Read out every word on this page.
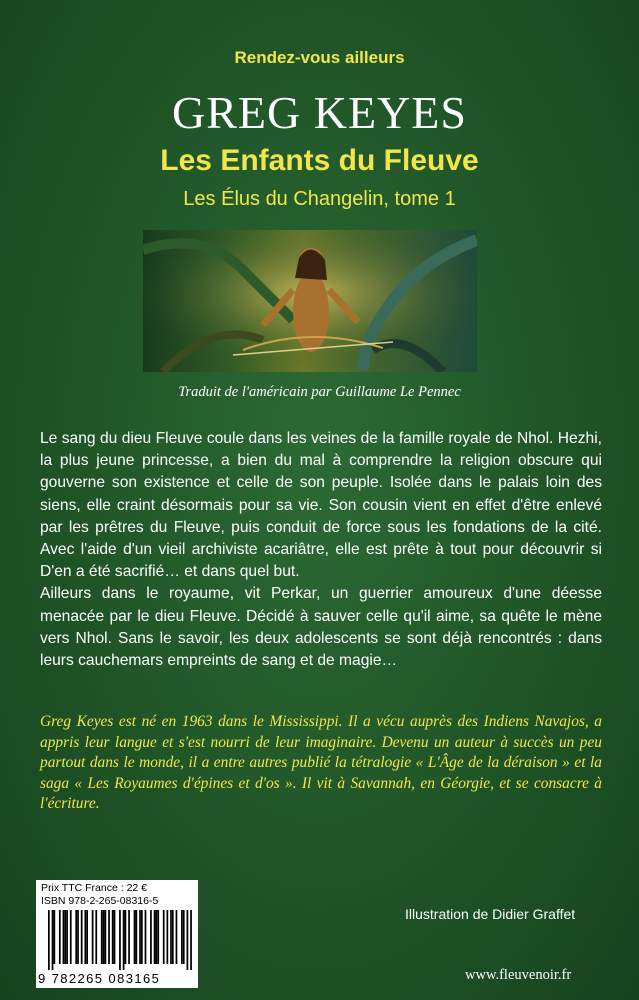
Rendez-vous ailleurs
GREG KEYES
Les Enfants du Fleuve
Les Élus du Changelin, tome 1
Traduit de l'américain par Guillaume Le Pennec

Le sang du dieu Fleuve coule dans les veines de la famille royale de Nhol. Hezhi, la plus jeune princesse, a bien du mal à comprendre la religion obscure qui gouverne son existence et celle de son peuple. Isolée dans le palais loin des siens, elle craint désormais pour sa vie. Son cousin vient en effet d'être enlevé par les prêtres du Fleuve, puis conduit de force sous les fondations de la cité. Avec l'aide d'un vieil archiviste acariâtre, elle est prête à tout pour découvrir si D'en a été sacrifié… et dans quel but.

Ailleurs dans le royaume, vit Perkar, un guerrier amoureux d'une déesse menacée par le dieu Fleuve. Décidé à sauver celle qu'il aime, sa quête le mène vers Nhol. Sans le savoir, les deux adolescents se sont déjà rencontrés : dans leurs cauchemars empreints de sang et de magie…

Greg Keyes est né en 1963 dans le Mississippi. Il a vécu auprès des Indiens Navajos, a appris leur langue et s'est nourri de leur imaginaire. Devenu un auteur à succès un peu partout dans le monde, il a entre autres publié la tétralogie « L'Âge de la déraison » et la saga « Les Royaumes d'épines et d'os ». Il vit à Savannah, en Géorgie, et se consacre à l'écriture.
Prix TTC France : 22 €
ISBN 978-2-265-08316-5
9 782265 083165
Illustration de Didier Graffet
www.fleuvenoir.fr
